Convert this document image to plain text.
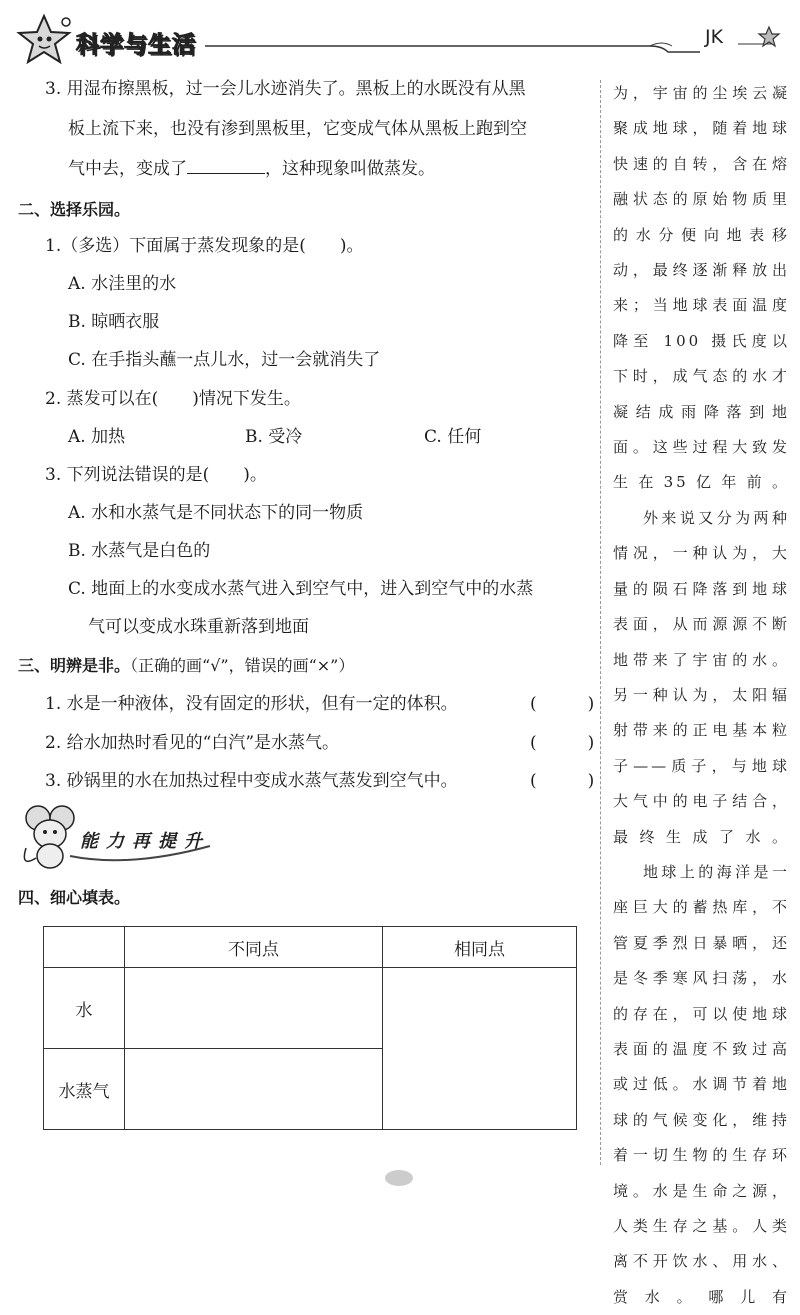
科学与生活	JK
3. 用湿布擦黑板，过一会儿水迹消失了。黑板上的水既没有从黑
板上流下来，也没有渗到黑板里，它变成气体从黑板上跑到空
气中去，变成了	，这种现象叫做蒸发。
二、选择乐园。
1.（多选）下面属于蒸发现象的是(　　)。
A. 水洼里的水
B. 晾晒衣服
C. 在手指头蘸一点儿水，过一会就消失了
2. 蒸发可以在(　　)情况下发生。
A. 加热	B. 受冷	C. 任何
3. 下列说法错误的是(　　)。
A. 水和水蒸气是不同状态下的同一物质
B. 水蒸气是白色的
C. 地面上的水变成水蒸气进入到空气中，进入到空气中的水蒸
气可以变成水珠重新落到地面
三、明辨是非。（正确的画“√”，错误的画“×”）
1. 水是一种液体，没有固定的形状，但有一定的体积。	(　　　)
2. 给水加热时看见的“白汽”是水蒸气。	(　　　)
3. 砂锅里的水在加热过程中变成水蒸气蒸发到空气中。	(　　　)
能力再提升
四、细心填表。
	不同点	相同点
水		
水蒸气		

为，宇宙的尘埃云凝聚成地球，随着地球快速的自转，含在熔融状态的原始物质里的水分便向地表移动，最终逐渐释放出来；当地球表面温度降至 100 摄氏度以下时，成气态的水才凝结成雨降落到地面。这些过程大致发生在35亿年前。

外来说又分为两种情况，一种认为，大量的陨石降落到地球表面，从而源源不断地带来了宇宙的水。另一种认为，太阳辐射带来的正电基本粒子——质子，与地球大气中的电子结合，最终生成了水。

地球上的海洋是一座巨大的蓄热库，不管夏季烈日暴晒，还是冬季寒风扫荡，水的存在，可以使地球表面的温度不致过高或过低。水调节着地球的气候变化，维持着一切生物的生存环境。水是生命之源，人类生存之基。人类离不开饮水、用水、赏水。哪儿有
